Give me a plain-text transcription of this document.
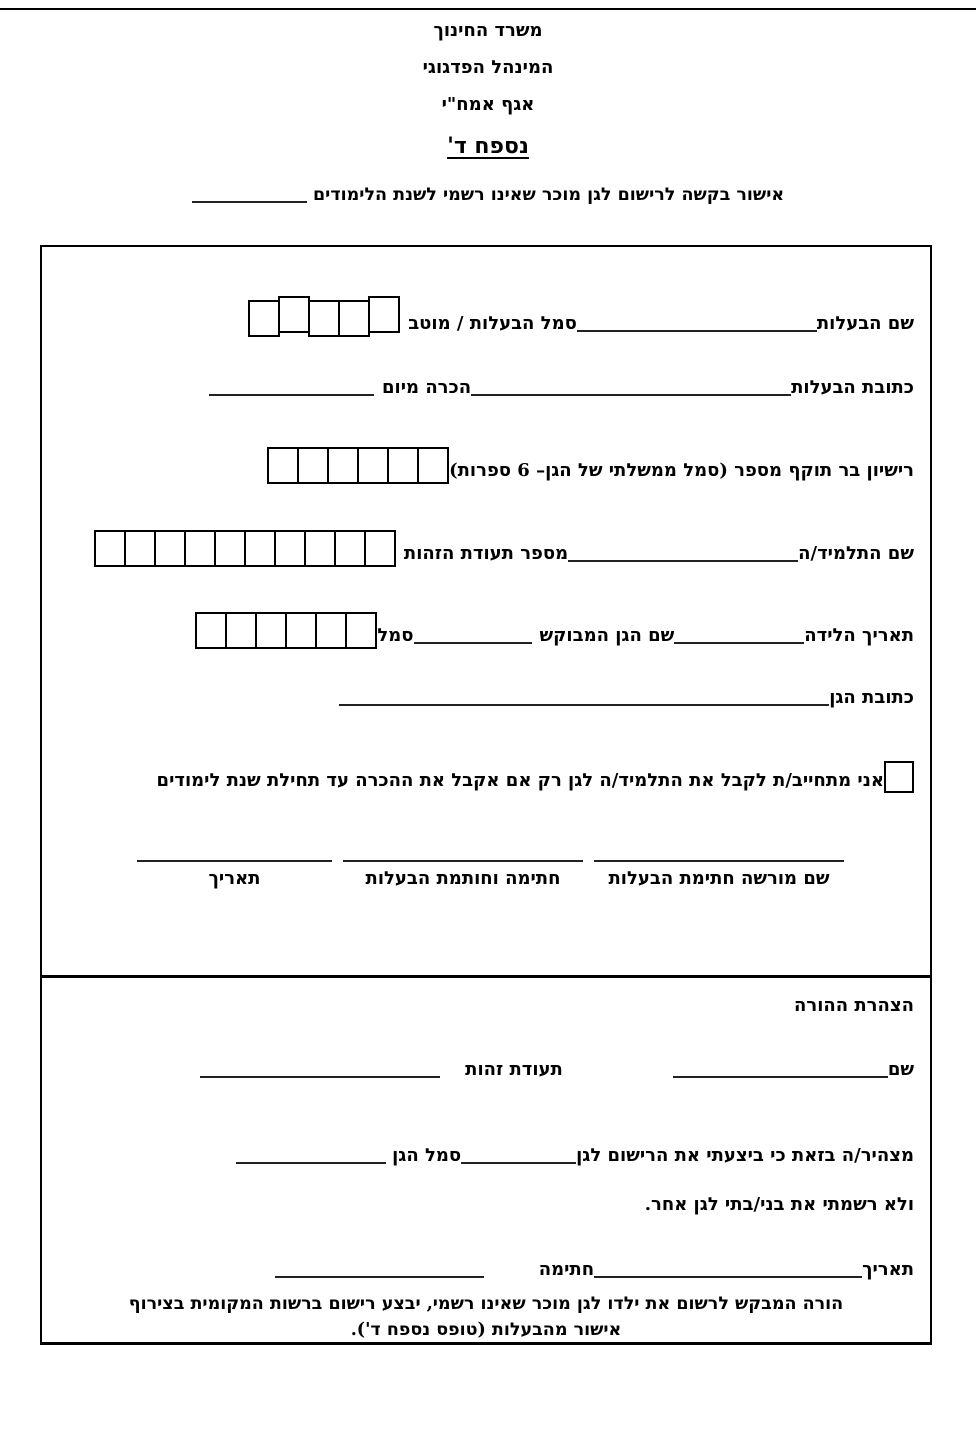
משרד החינוך
המינהל הפדגוגי
אגף אמח"י
נספח ד'
אישור בקשה לרישום לגן מוכר שאינו רשמי לשנת הלימודים
שם הבעלות
סמל הבעלות / מוטב
כתובת הבעלות
הכרה מיום
רישיון בר תוקף מספר (סמל ממשלתי של הגן– 6 ספרות)
שם התלמיד/ה
מספר תעודת הזהות
תאריך הלידה
שם הגן המבוקש
סמל
כתובת הגן
אני מתחייב/ת לקבל את התלמיד/ה לגן רק אם אקבל את ההכרה עד תחילת שנת לימודים
שם מורשה חתימת הבעלות
חתימה וחותמת הבעלות
תאריך
הצהרת ההורה
שם
תעודת זהות
מצהיר/ה בזאת כי ביצעתי את הרישום לגן
סמל הגן
ולא רשמתי את בני/בתי לגן אחר.
תאריך
חתימה
הורה המבקש לרשום את ילדו לגן מוכר שאינו רשמי, יבצע רישום ברשות המקומית בצירוף
אישור מהבעלות (טופס נספח ד').
